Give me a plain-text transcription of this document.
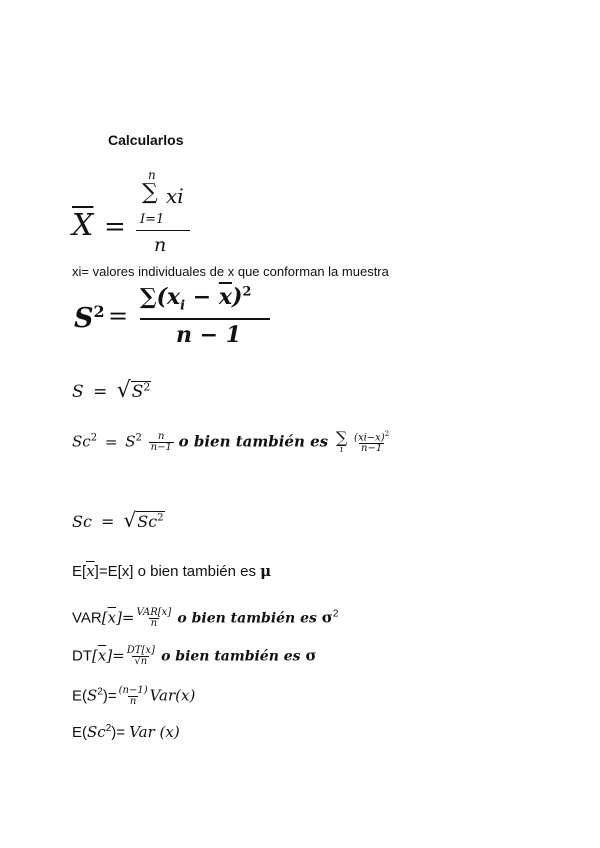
Calcularlos
$\overline{X}$ =
n
∑ xi
I=1
n
xi= valores individuales de x que conforman la muestra
$S^2$ =
$\sum(x_i - \overline{x})^2$
n − 1
$S = √S^2$
$Sc^2 = S^2 \frac{n}{n-1}$ o bien también es ∑
i
$\frac{(xi-x)^2}{n-1}$
$Sc = √Sc^2$
$E[\overline{x}]=E[x]$ o bien también es μ
$VAR[\overline{x}]= \frac{\text{VAR[x]}}{n}$ o bien también es $\sigma^2$
$DT[\overline{x}]= \frac{DT[x]}{√n}$ o bien también es σ
$E(S^2)= \frac{(n-1)}{n} Var(x)$
$E(Sc^2)=$ Var (x)
